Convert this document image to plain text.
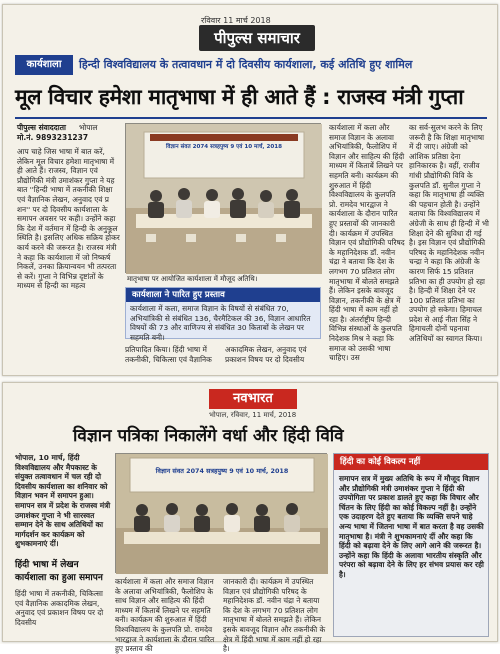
रविवार 11 मार्च 2018
पीपुल्स समाचार
कार्यशाला	हिन्दी विश्वविद्यालय के तत्वावधान में दो दिवसीय कार्यशाला, कई अतिथि हुए शामिल
मूल विचार हमेशा मातृभाषा में ही आते हैं : राजस्व मंत्री गुप्ता
पीपुल्स संवाददाता भोपाल
मो.नं. 9893231237
आप चाहे जिस भाषा में बात करें, लेकिन मूल विचार हमेशा मातृभाषा में ही आते हैं। राजस्व, विज्ञान एवं प्रौद्योगिकी मंत्री उमाशंकर गुप्ता ने यह बात ''हिन्दी भाषा में तकनीकी शिक्षा एवं वैज्ञानिक लेखन, अनुवाद एवं प्र शन'' पर दो दिवसीय कार्यशाला के समापन अवसर पर कही। उन्होंने कहा कि देश में वर्तमान में हिन्दी के अनुकूल स्थिति है। इसलिए अधिक सक्रिय होकर कार्य करने की जरूरत है। राजस्व मंत्री ने कहा कि कार्यशाला में जो निष्कर्ष निकलें, उनका क्रियान्वयन भी तत्परता से करें। गुप्ता ने विभिन्न दृष्टांतों के माध्यम से हिन्दी का महत्व
विज्ञान संवत 2074 सत्रहपुष्य 9 एवं 10 मार्च, 2018
मातृभाषा पर आयोजित कार्यशाला में मौजूद अतिथि।
कार्यशाला में कला और समाज विज्ञान के अलावा अभियांत्रिकी, फैलोशिप में विज्ञान और साहित्य की हिंदी माध्यम में किताबें लिखने पर सहमति बनी। कार्यक्रम की शुरुआत में हिंदी विश्वविद्यालय के कुलपति प्रो. रामदेव भारद्वाज ने कार्यशाला के दौरान पारित हुए प्रस्तावों की जानकारी दी। कार्यक्रम में उपस्थित विज्ञान एवं प्रौद्योगिकी परिषद के महानिदेशक डॉ. नवीन चंद्रा ने बताया कि देश के लगभग 70 प्रतिशत लोग मातृभाषा में बोलते समझते हैं। लेकिन इसके बावजूद विज्ञान, तकनीकी के क्षेत्र में हिंदी भाषा में काम नहीं हो रहा है। अंतर्राष्ट्रीय हिन्दी विभिन्न संस्थाओं के कुलपति निदेशक मिश्र ने कहा कि समाज को उसकी भाषा चाहिए। उस
का सर्व-सुलभ करने के लिए जरूरी है कि शिक्षा मातृभाषा में दी जाए। अंग्रेजी को आंशिक प्रतिष्ठा देना हानिकारक है। वहीं, राजीव गांधी प्रौद्योगिकी विवि के कुलपति डॉ. सुनील गुप्ता ने कहा कि मातृभाषा ही व्यक्ति की पहचान होती है। उन्होंने बताया कि विश्वविद्यालय में अंग्रेजी के साथ ही हिन्दी में भी शिक्षा देने की सुविधा दी गई है। इस विज्ञान एवं प्रौद्योगिकी परिषद के महानिदेशक नवीन चन्द्रा ने कहा कि अंग्रेजी के कारण सिर्फ 15 प्रतिशत प्रतिभा का ही उपयोग हो रहा है। हिन्दी में शिक्षा देने पर 100 प्रतिशत प्रतिभा का उपयोग हो सकेगा। हिमाचल प्रदेश से आई नीता सिंह ने हिमाचली दोनों पहनावा अतिथियों का स्वागत किया।
कार्यशाला ने पारित हुए प्रस्ताव
कार्यशाला में कला, समाज विज्ञान के विषयों से संबंधित 70, अभियांत्रिकी से संबंधित 136, चैरमैटिकल की 36, विज्ञान आधारित विषयों की 73 और वाणिज्य से संबंधित 30 किताबों के लेखन पर सहमति बनी।
प्रतिपादित किया। हिंदी भाषा में तकनीकी, चिकित्सा एवं वैज्ञानिक
अकादमिक लेखन, अनुवाद एवं प्रकाशन विषय पर दो दिवसीय
नवभारत
भोपाल, रविवार, 11 मार्च, 2018
विज्ञान पत्रिका निकालेंगे वर्धा और हिंदी विवि
भोपाल, 10 मार्च, हिंदी विश्वविद्यालय और मैपकास्ट के संयुक्त तत्वावधान में चल रही दो दिवसीय कार्यशाला का शनिवार को विज्ञान भवन में समापन हुआ। समापन सत्र में प्रदेश के राजस्व मंत्री उमाशंकर गुप्ता ने भी सारस्वत सम्मान देने के साथ अतिथियों का मार्गदर्शन कर कार्यक्रम को शुभकामनाएं दीं।
हिंदी भाषा में लेखन कार्यशाला का हुआ समापन
हिंदी भाषा में तकनीकी, चिकित्सा एवं वैज्ञानिक अकादमिक लेखन, अनुवाद एवं प्रकाशन विषय पर दो दिवसीय
विज्ञान संवत 2074 सत्रहपुष्य 9 एवं 10 मार्च, 2018
कार्यशाला में कला और समाज विज्ञान के अलावा अभियांत्रिकी, फैलोशिप के साथ विज्ञान और साहित्य की हिंदी माध्यम में किताबें लिखने पर सहमति बनी। कार्यक्रम की शुरुआत में हिंदी विश्वविद्यालय के कुलपति प्रो. रामदेव भारद्वाज ने कार्यशाला के दौरान पारित हुए प्रस्ताव की
जानकारी दी। कार्यक्रम में उपस्थित विज्ञान एवं प्रौद्योगिकी परिषद के महानिदेशक डॉ. नवीन चंद्रा ने बताया कि देश के लगभग 70 प्रतिशत लोग मातृभाषा में बोलते समझते हैं। लेकिन इसके बावजूद विज्ञान और तकनीकी के क्षेत्र में हिंदी भाषा में काम नहीं हो रहा है।
हिंदी का कोई विकल्प नहीं
समापन सत्र में मुख्य अतिथि के रूप में मौजूद विज्ञान और प्रौद्योगिकी मंत्री उमाशंकर गुप्ता ने हिंदी की उपयोगिता पर प्रकाश डालते हुए कहा कि विचार और चिंतन के लिए हिंदी का कोई विकल्प नहीं है। उन्होंने एक उदाहरण देते हुए बताया कि व्यक्ति सपने चाहे अन्य भाषा में जितना भाषा में बात करता है वह उसकी मातृभाषा है। मंत्री ने शुभकामनाएं दीं और कहा कि हिंदी को बढ़ावा देने के लिए आगे आने की जरूरत है। उन्होंने कहा कि हिंदी के अलावा भारतीय संस्कृति और परंपरा को बढ़ावा देने के लिए हर संभव प्रयास कर रही है।
